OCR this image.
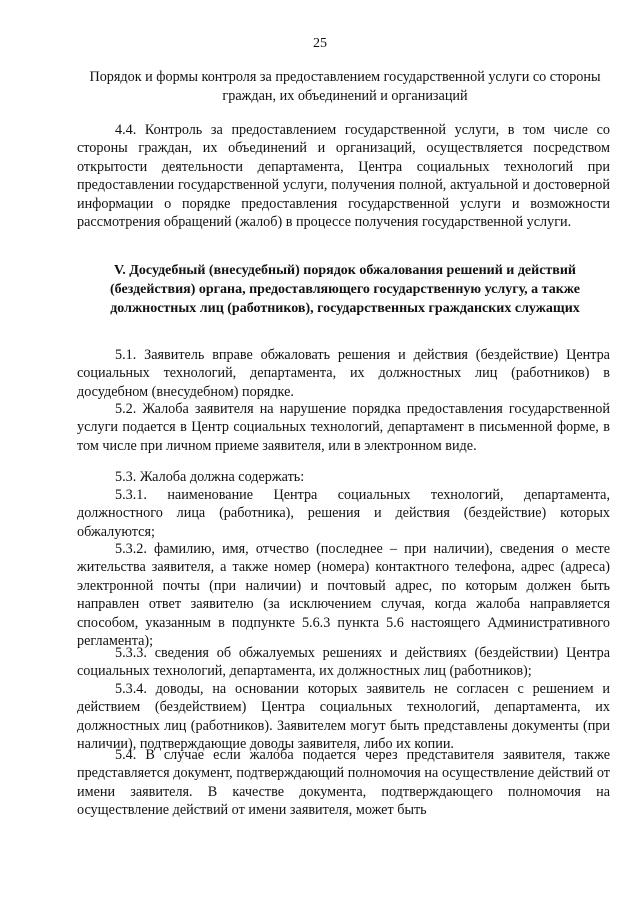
25
Порядок и формы контроля за предоставлением государственной услуги со стороны граждан, их объединений и организаций

4.4. Контроль за предоставлением государственной услуги, в том числе со стороны граждан, их объединений и организаций, осуществляется посредством открытости деятельности департамента, Центра социальных технологий при предоставлении государственной услуги, получения полной, актуальной и достоверной информации о порядке предоставления государственной услуги и возможности рассмотрения обращений (жалоб) в процессе получения государственной услуги.

V. Досудебный (внесудебный) порядок обжалования решений и действий (бездействия) органа, предоставляющего государственную услугу, а также должностных лиц (работников), государственных гражданских служащих

5.1. Заявитель вправе обжаловать решения и действия (бездействие) Центра социальных технологий, департамента, их должностных лиц (работников) в досудебном (внесудебном) порядке.

5.2. Жалоба заявителя на нарушение порядка предоставления государственной услуги подается в Центр социальных технологий, департамент в письменной форме, в том числе при личном приеме заявителя, или в электронном виде.

5.3. Жалоба должна содержать:

5.3.1. наименование Центра социальных технологий, департамента, должностного лица (работника), решения и действия (бездействие) которых обжалуются;

5.3.2. фамилию, имя, отчество (последнее – при наличии), сведения о месте жительства заявителя, а также номер (номера) контактного телефона, адрес (адреса) электронной почты (при наличии) и почтовый адрес, по которым должен быть направлен ответ заявителю (за исключением случая, когда жалоба направляется способом, указанным в подпункте 5.6.3 пункта 5.6 настоящего Административного регламента);

5.3.3. сведения об обжалуемых решениях и действиях (бездействии) Центра социальных технологий, департамента, их должностных лиц (работников);

5.3.4. доводы, на основании которых заявитель не согласен с решением и действием (бездействием) Центра социальных технологий, департамента, их должностных лиц (работников). Заявителем могут быть представлены документы (при наличии), подтверждающие доводы заявителя, либо их копии.

5.4. В случае если жалоба подается через представителя заявителя, также представляется документ, подтверждающий полномочия на осуществление действий от имени заявителя. В качестве документа, подтверждающего полномочия на осуществление действий от имени заявителя, может быть
